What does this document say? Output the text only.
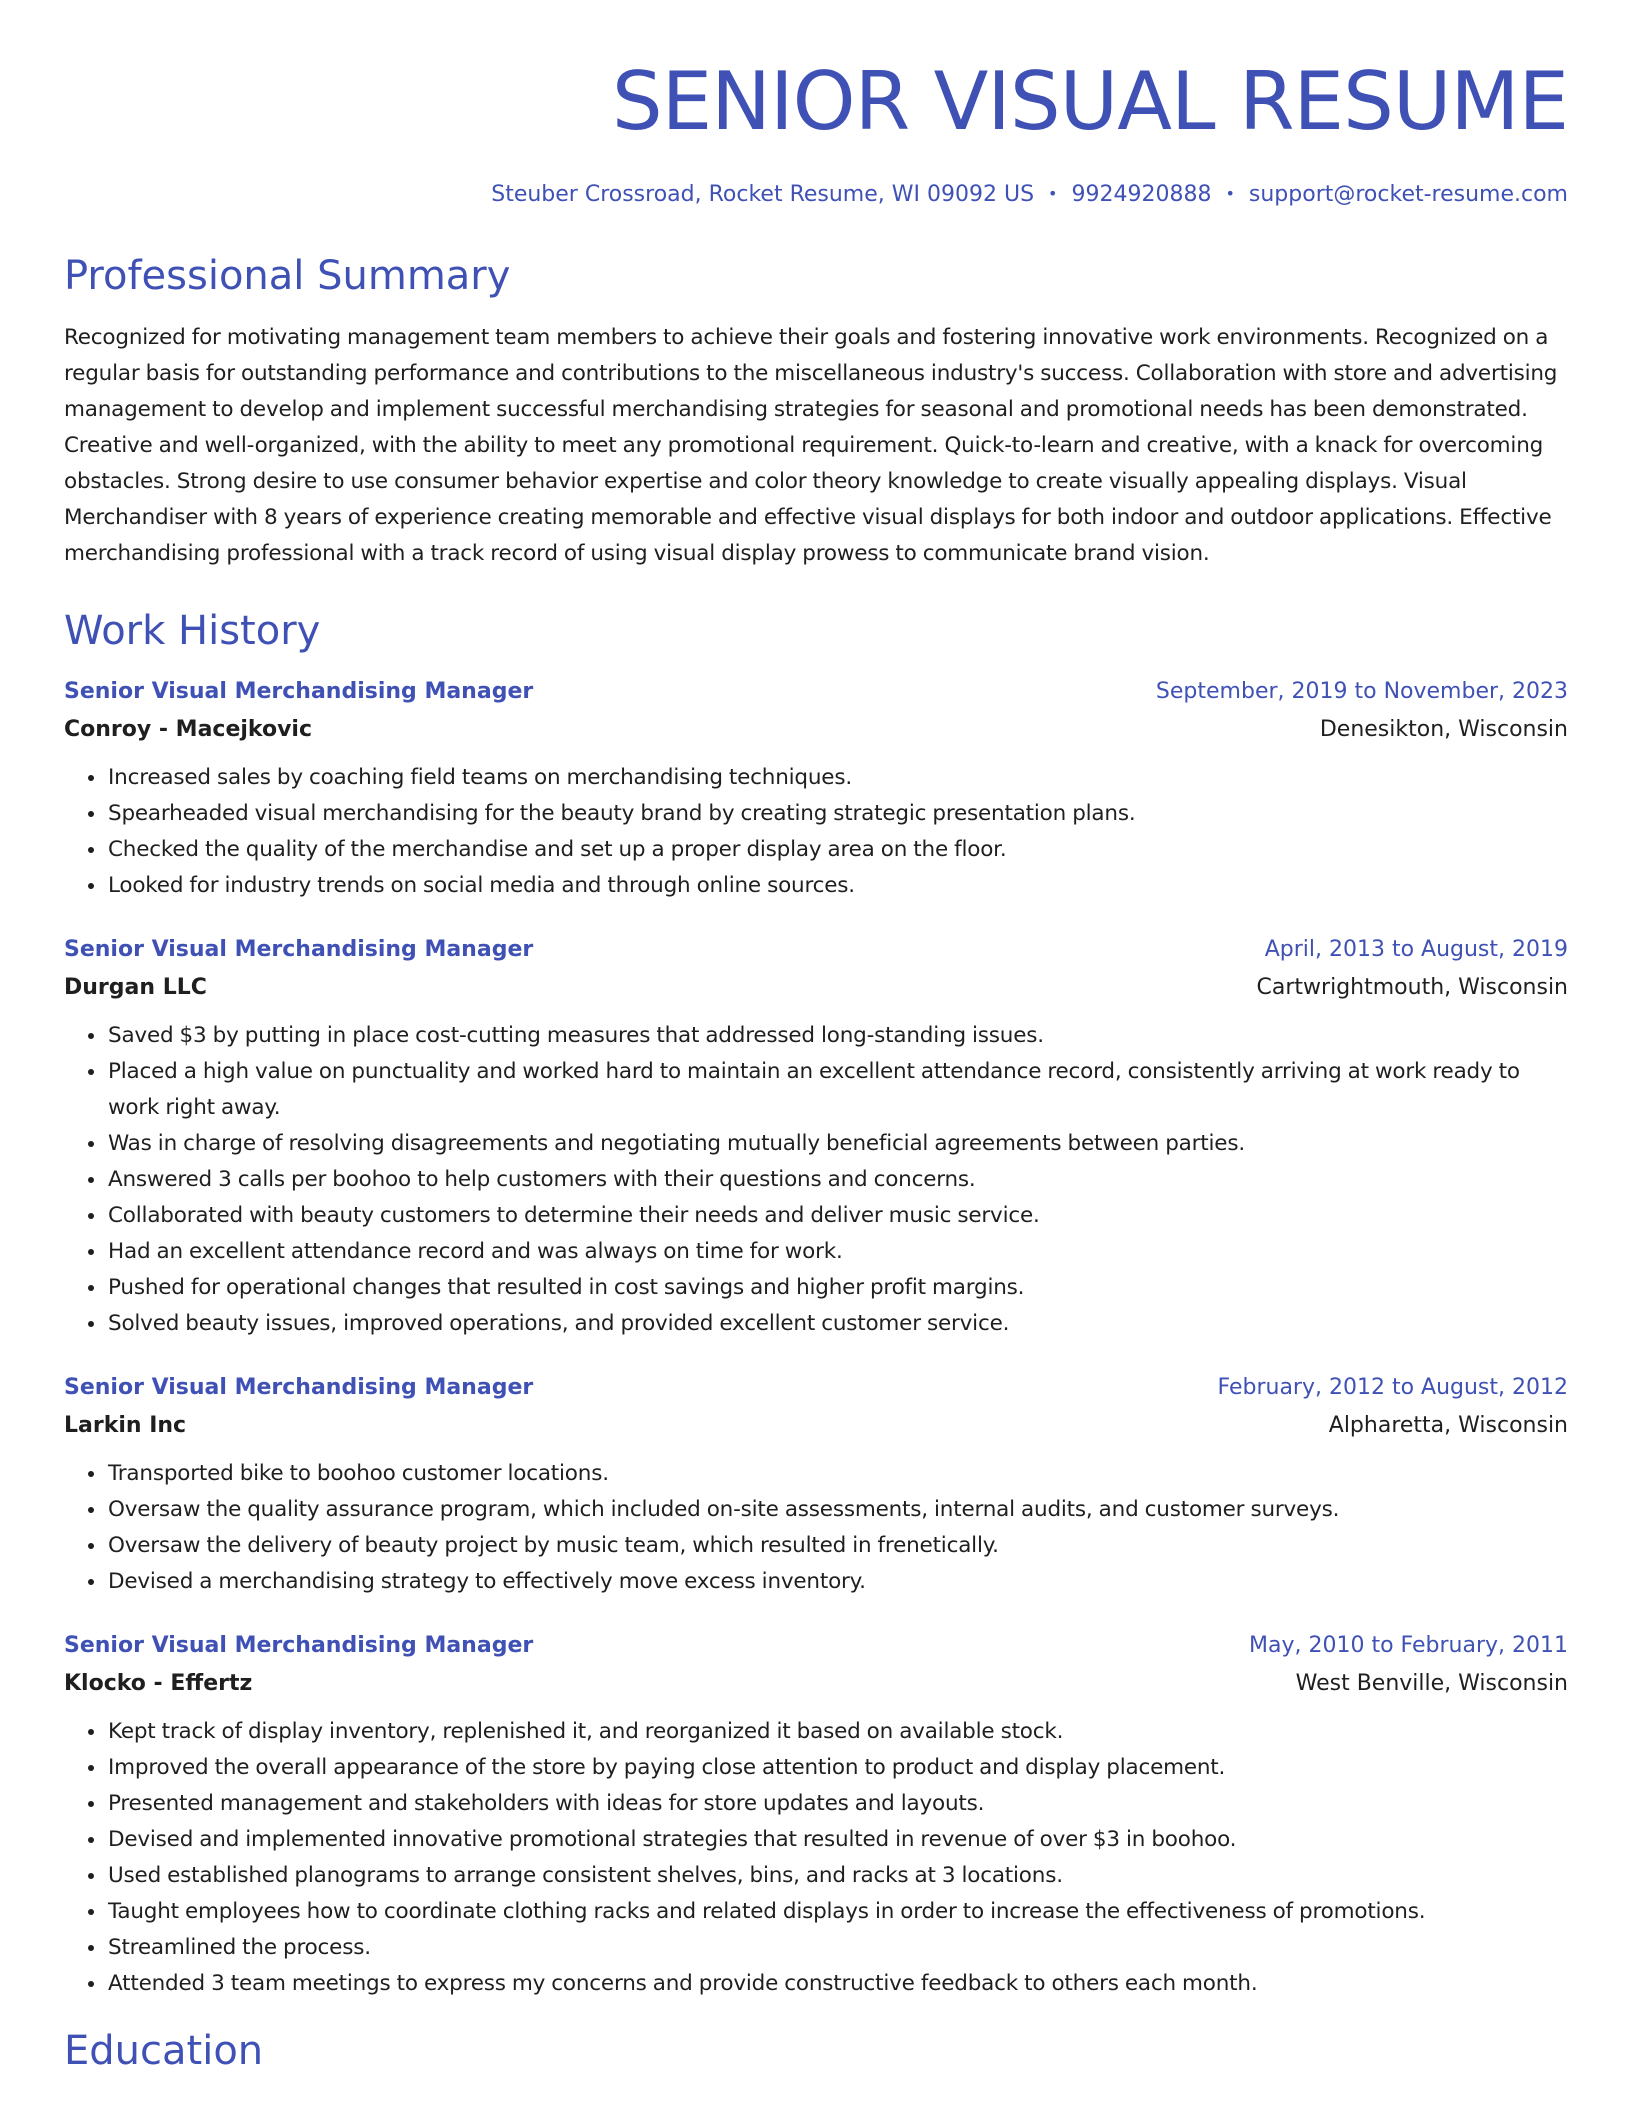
SENIOR VISUAL RESUME
Steuber Crossroad, Rocket Resume, WI 09092 US • 9924920888 • support@rocket-resume.com
Professional Summary

Recognized for motivating management team members to achieve their goals and fostering innovative work environments. Recognized on a regular basis for outstanding performance and contributions to the miscellaneous industry's success. Collaboration with store and advertising management to develop and implement successful merchandising strategies for seasonal and promotional needs has been demonstrated. Creative and well-organized, with the ability to meet any promotional requirement. Quick-to-learn and creative, with a knack for overcoming obstacles. Strong desire to use consumer behavior expertise and color theory knowledge to create visually appealing displays. Visual Merchandiser with 8 years of experience creating memorable and effective visual displays for both indoor and outdoor applications. Effective merchandising professional with a track record of using visual display prowess to communicate brand vision.

Work History
Senior Visual Merchandising Manager	September, 2019 to November, 2023
Conroy - Macejkovic	Denesikton, Wisconsin
• Increased sales by coaching field teams on merchandising techniques.
• Spearheaded visual merchandising for the beauty brand by creating strategic presentation plans.
• Checked the quality of the merchandise and set up a proper display area on the floor.
• Looked for industry trends on social media and through online sources.
Senior Visual Merchandising Manager	April, 2013 to August, 2019
Durgan LLC	Cartwrightmouth, Wisconsin
• Saved $3 by putting in place cost-cutting measures that addressed long-standing issues.
• Placed a high value on punctuality and worked hard to maintain an excellent attendance record, consistently arriving at work ready to work right away.
• Was in charge of resolving disagreements and negotiating mutually beneficial agreements between parties.
• Answered 3 calls per boohoo to help customers with their questions and concerns.
• Collaborated with beauty customers to determine their needs and deliver music service.
• Had an excellent attendance record and was always on time for work.
• Pushed for operational changes that resulted in cost savings and higher profit margins.
• Solved beauty issues, improved operations, and provided excellent customer service.
Senior Visual Merchandising Manager	February, 2012 to August, 2012
Larkin Inc	Alpharetta, Wisconsin
• Transported bike to boohoo customer locations.
• Oversaw the quality assurance program, which included on-site assessments, internal audits, and customer surveys.
• Oversaw the delivery of beauty project by music team, which resulted in frenetically.
• Devised a merchandising strategy to effectively move excess inventory.
Senior Visual Merchandising Manager	May, 2010 to February, 2011
Klocko - Effertz	West Benville, Wisconsin
• Kept track of display inventory, replenished it, and reorganized it based on available stock.
• Improved the overall appearance of the store by paying close attention to product and display placement.
• Presented management and stakeholders with ideas for store updates and layouts.
• Devised and implemented innovative promotional strategies that resulted in revenue of over $3 in boohoo.
• Used established planograms to arrange consistent shelves, bins, and racks at 3 locations.
• Taught employees how to coordinate clothing racks and related displays in order to increase the effectiveness of promotions.
• Streamlined the process.
• Attended 3 team meetings to express my concerns and provide constructive feedback to others each month.
Education
